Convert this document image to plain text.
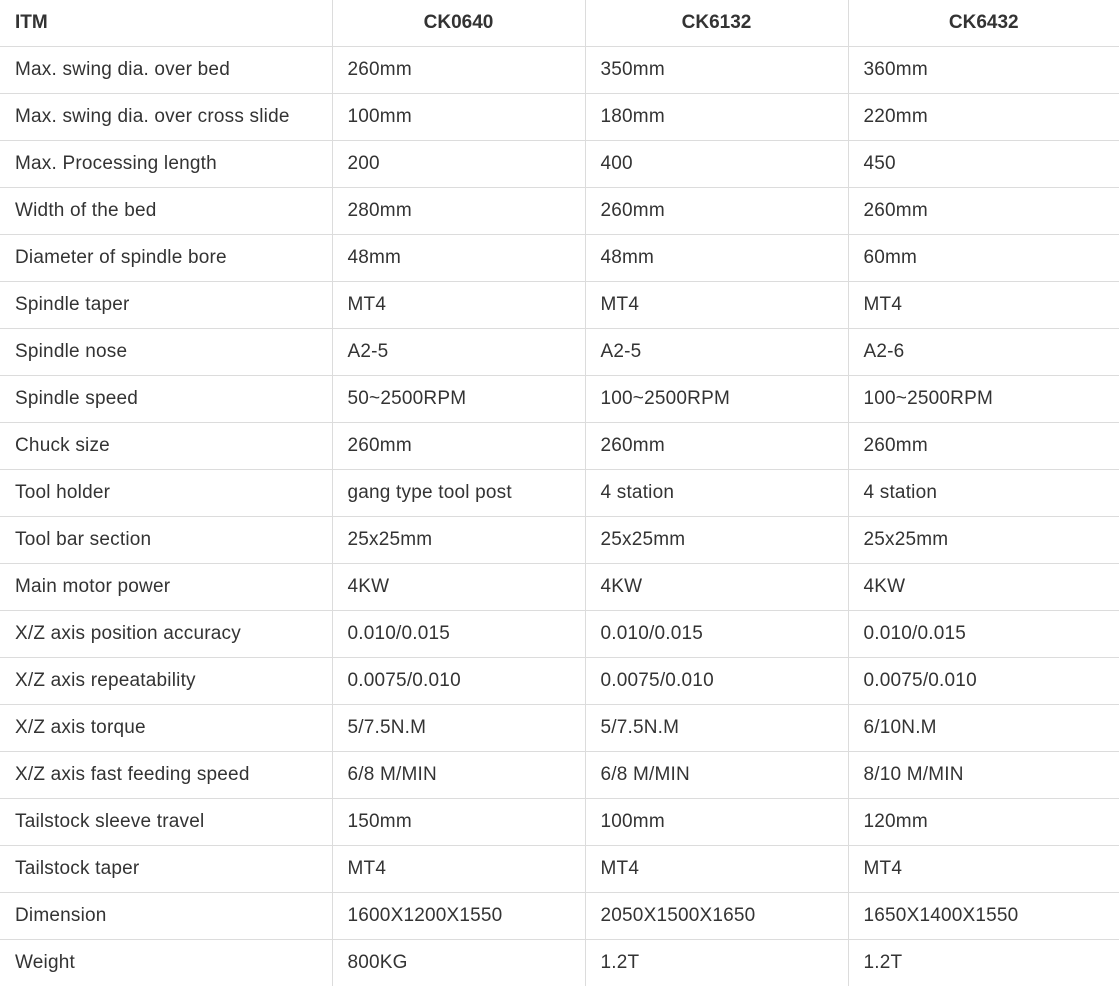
ITM	CK0640	CK6132	CK6432
Max. swing dia. over bed	260mm	350mm	360mm
Max. swing dia. over cross slide	100mm	180mm	220mm
Max. Processing length	200	400	450
Width of the bed	280mm	260mm	260mm
Diameter of spindle bore	48mm	48mm	60mm
Spindle taper	MT4	MT4	MT4
Spindle nose	A2-5	A2-5	A2-6
Spindle speed	50~2500RPM	100~2500RPM	100~2500RPM
Chuck size	260mm	260mm	260mm
Tool holder	gang type tool post	4 station	4 station
Tool bar section	25x25mm	25x25mm	25x25mm
Main motor power	4KW	4KW	4KW
X/Z axis position accuracy	0.010/0.015	0.010/0.015	0.010/0.015
X/Z axis repeatability	0.0075/0.010	0.0075/0.010	0.0075/0.010
X/Z axis torque	5/7.5N.M	5/7.5N.M	6/10N.M
X/Z axis fast feeding speed	6/8 M/MIN	6/8 M/MIN	8/10 M/MIN
Tailstock sleeve travel	150mm	100mm	120mm
Tailstock taper	MT4	MT4	MT4
Dimension	1600X1200X1550	2050X1500X1650	1650X1400X1550
Weight	800KG	1.2T	1.2T
